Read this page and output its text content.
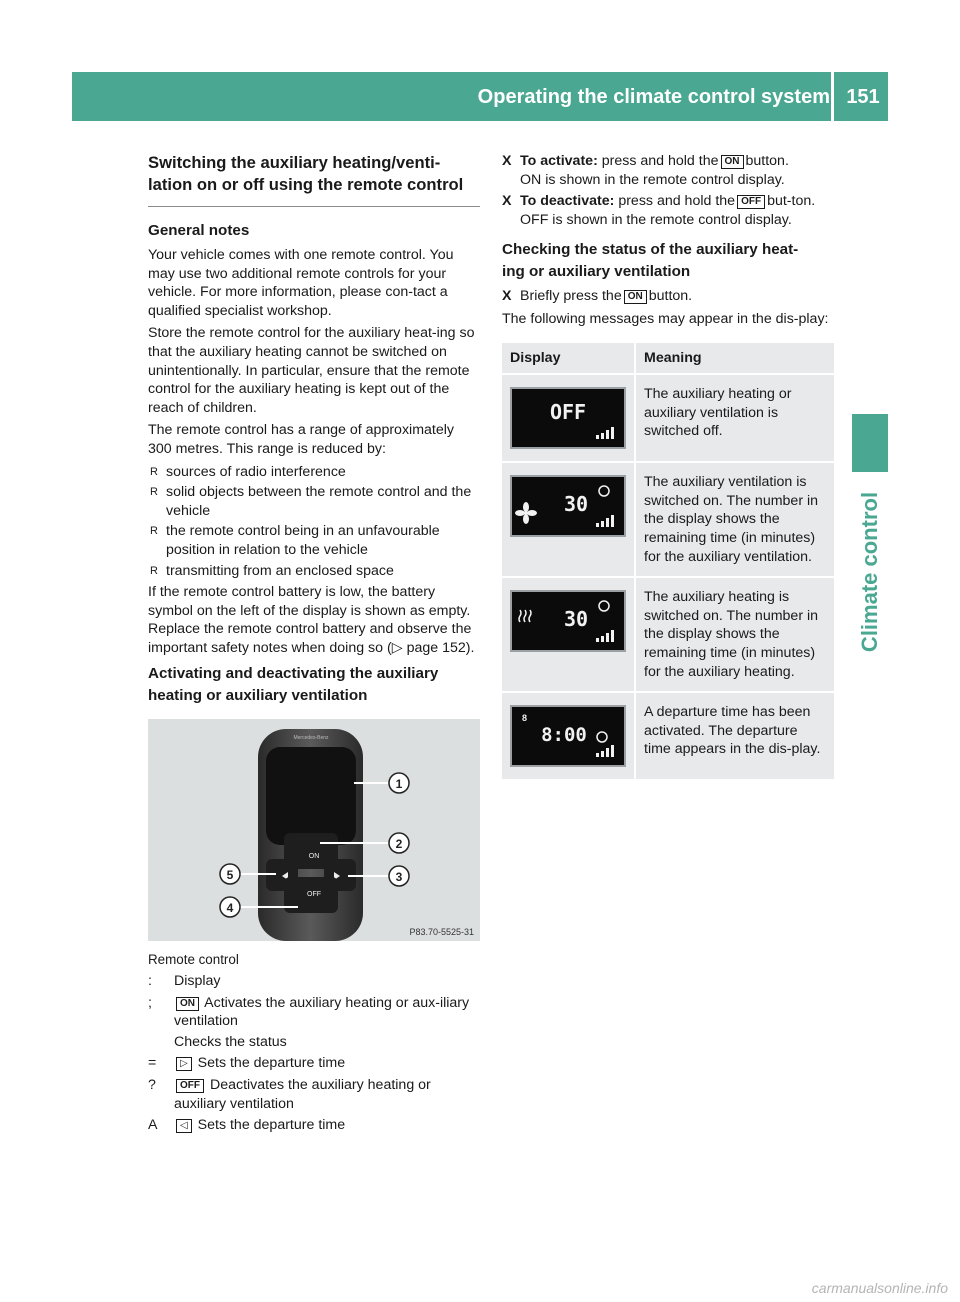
Operating the climate control system 151
Climate control
Switching the auxiliary heating/venti-
lation on or off using the remote control
General notes

Your vehicle comes with one remote control. You may use two additional remote controls for your vehicle. For more information, please con-tact a qualified specialist workshop.

Store the remote control for the auxiliary heat-ing so that the auxiliary heating cannot be switched on unintentionally. In particular, ensure that the remote control for the auxiliary heating is kept out of the reach of children.

The remote control has a range of approximately 300 metres. This range is reduced by:

R sources of radio interference
R solid objects between the remote control and the vehicle
R the remote control being in an unfavourable position in relation to the vehicle
R transmitting from an enclosed space

If the remote control battery is low, the battery symbol on the left of the display is shown as empty. Replace the remote control battery and observe the important safety notes when doing so (▷ page 152).

Activating and deactivating the auxiliary
heating or auxiliary ventilation
Mercedes-Benz
ON
OFF
1
2
3
4
5
P83.70-5525-31
Remote control
: Display
;	ON Activates the auxiliary heating or aux-iliary ventilation
Checks the status
= ▷ Sets the departure time
? OFF Deactivates the auxiliary heating or auxiliary ventilation
A ◁ Sets the departure time
X To activate: press and hold the ON button.
ON is shown in the remote control display.
X To deactivate: press and hold the OFF but-ton.
OFF is shown in the remote control display.
Checking the status of the auxiliary heat-
ing or auxiliary ventilation
X Briefly press the ON button.

The following messages may appear in the dis-play:

Display	Meaning

OFF	The auxiliary heating or auxiliary ventilation is switched off.

30	The auxiliary ventilation is switched on. The number in the display shows the remaining time (in minutes) for the auxiliary ventilation.

30	The auxiliary heating is switched on. The number in the display shows the remaining time (in minutes) for the auxiliary heating.

8
8:00	A departure time has been activated. The departure time appears in the dis-play.
carmanualsonline.info
